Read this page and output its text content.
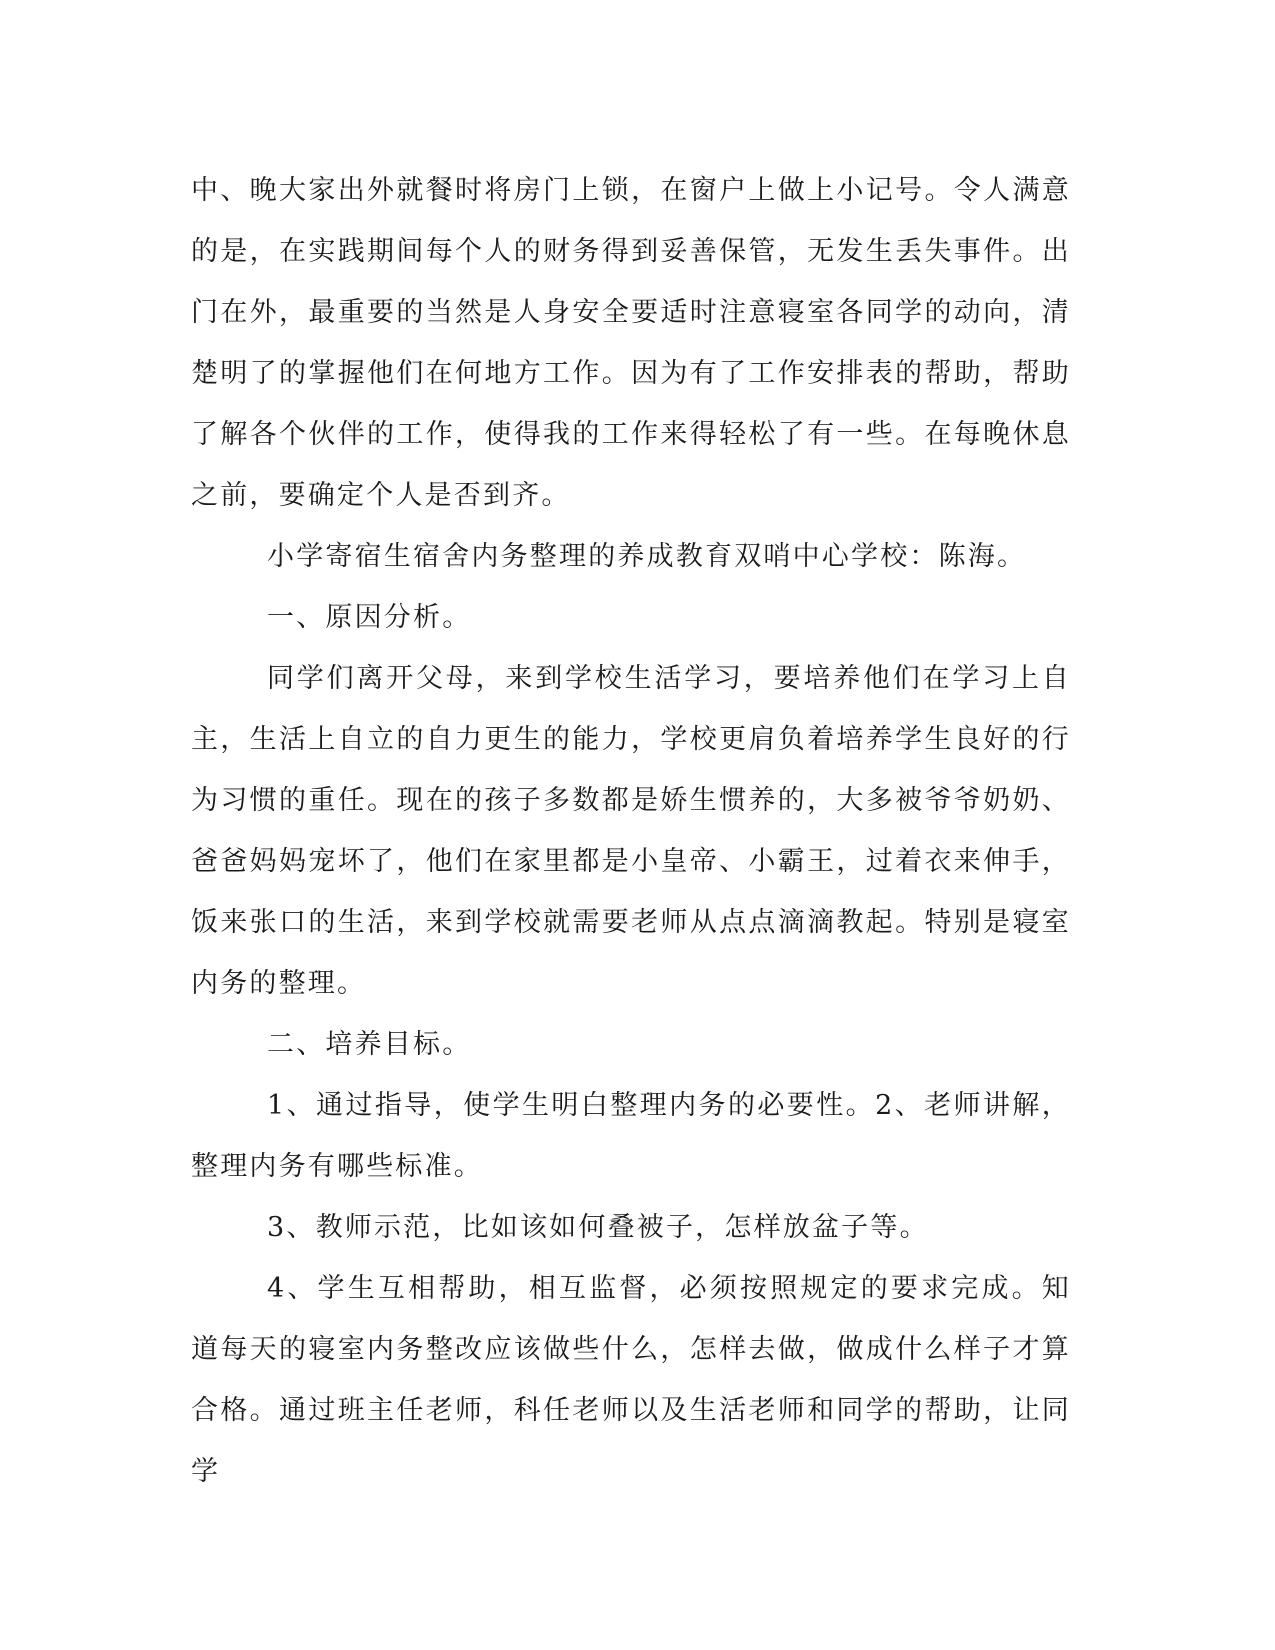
中、晚大家出外就餐时将房门上锁，在窗户上做上小记号。令人满意的是，在实践期间每个人的财务得到妥善保管，无发生丢失事件。出门在外，最重要的当然是人身安全要适时注意寝室各同学的动向，清楚明了的掌握他们在何地方工作。因为有了工作安排表的帮助，帮助了解各个伙伴的工作，使得我的工作来得轻松了有一些。在每晚休息之前，要确定个人是否到齐。

小学寄宿生宿舍内务整理的养成教育双哨中心学校：陈海。

一、原因分析。

同学们离开父母，来到学校生活学习，要培养他们在学习上自主，生活上自立的自力更生的能力，学校更肩负着培养学生良好的行为习惯的重任。现在的孩子多数都是娇生惯养的，大多被爷爷奶奶、爸爸妈妈宠坏了，他们在家里都是小皇帝、小霸王，过着衣来伸手，饭来张口的生活，来到学校就需要老师从点点滴滴教起。特别是寝室内务的整理。

二、培养目标。

1、通过指导，使学生明白整理内务的必要性。2、老师讲解，整理内务有哪些标准。

3、教师示范，比如该如何叠被子，怎样放盆子等。

4、学生互相帮助，相互监督，必须按照规定的要求完成。知道每天的寝室内务整改应该做些什么，怎样去做，做成什么样子才算合格。通过班主任老师，科任老师以及生活老师和同学的帮助，让同学
